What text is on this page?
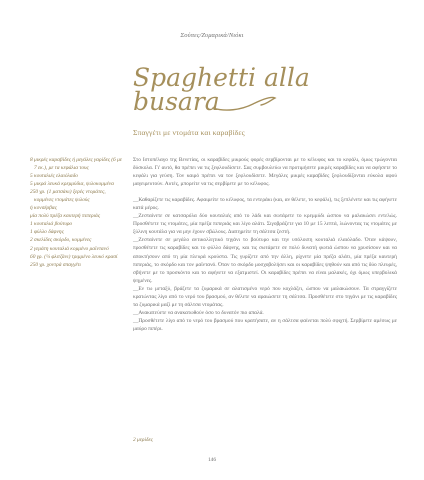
Σούπες/Ζυμαρικά/Νιόκι
Spaghetti alla
busara
Σπαγγέτι με ντομάτα και καραβίδες
8 μικρές καραβίδες ή μεγάλες γαρίδες (6 με 7 εκ.), με τα κεφάλια τους
5 κουταλιές ελαιόλαδο
5 μικρά λευκά κρεμμύδια, ψιλοκομμένα
250 γρ. (1 ματσάκι) ξερές ντομάτες, κομμένες ντομάτες ψιλούς
ή κονσέρβας
μία πολύ πρέζα καυτερή πιπεριάς
1 κουταλιά βούτυρο
1 φύλλο δάφνης
2 σκελίδες σκόρδο, κομμένες
2 γεμάτη κουταλιά κομμένο μαϊντανό
60 γρ. (¼ φλιτζάνι) τριμμένο λευκό κρασί
250 γρ. χοντρά σπαγγέτι

Στο Ιστοπέλαγο της Βενετίας, οι καραβίδες μικρούς φορές σερβίρονται με το κέλυφος και το κεφάλι, όμως τρώγονται δύσκολα. Γι' αυτό, θα πρέπει να τις ξεφλουδίσετε. Σας συμβουλεύω να προτιμήσετε μικρές καραβίδες και να αφήσετε το κεφάλι για γεύση. Τον καιρό πρέπει να τον ξεφλουδίσετε. Μεγάλες μικρές καραβίδες ξεφλουδίζονται εύκολα αφού μαγειρευτούν. Αυτές, μπορείτε να τις σερβίρετε με το κέλυφος.

__Καθαρίζετε τις καραβίδες. Αφαιρείτε το κέλυφος, τα εντεράκι (και, αν θέλετε, το κεφάλι), τις ξεπλένετε και τις αφήνετε κατά μέρος.

__Ζεσταίνετε σε κατσαρόλα δύο κουταλιές από το λάδι και σωτάρετε το κρεμμύδι ώσπου να μαλακώσει εντελώς. Προσθέτετε τις ντομάτες, μία πρέζα πιπεριάς και λίγο αλάτι. Σιγοβράζετε για 10 με 15 λεπτά, λιώνοντας τις ντομάτες με ξύλινη κουτάλα για να μην έχουν σβώλους. Διατηρείτε τη σάλτσα ζεστή.

__Ζεσταίνετε σε μεγάλο αντικολλητικό τηγάνι το βούτυρο και την υπόλοιπη κουταλιά ελαιόλαδο. Όταν κάψουν, προσθέτετε τις καραβίδες και το φύλλο δάφνης, και τις σωτάρετε σε πολύ δυνατή φωτιά ώσπου να χρυσίσουν και να αποκτήσουν από τη μία πλευρά κρούστα. Τις γυρίζετε από την άλλη, ρίχνετε μία πρέζα αλάτι, μία πρέζα καυτερή πιπεριάς, το σκόρδο και τον μαϊντανό. Όταν το σκόρδο μοσχοβολήσει και οι καραβίδες ψηθούν και από τις δύο πλευρές, σβήνετε με το προσκόντο και το αφήνετε να εξατμιστεί. Οι καραβίδες πρέπει να είναι μαλακές, όχι όμως υπερβολικά ψημένες.

__Εν τω μεταξύ, βράζετε τα ζυμαρικά σε αλατισμένο νερό που κοχλάζει, ώσπου να μαλακώσουν. Τα στραγγίζετε κρατώντας λίγο από το νερό του βρασμού, αν θέλετε να αραιώσετε τη σάλτσα. Προσθέτετε στο τηγάνι με τις καραβίδες τα ζυμαρικά μαζί με τη σάλτσα ντομάτας.

__Ανακατεύετε να ανακατωθούν όσο το δυνατόν πιο απαλά.

__Προσθέτετε λίγο από το νερό του βρασμού που κρατήσατε, αν η σάλτσα φαίνεται πολύ σφιχτή. Σερβίρετε αμέσως με μαύρο πιπέρι.

2 μερίδες
146
